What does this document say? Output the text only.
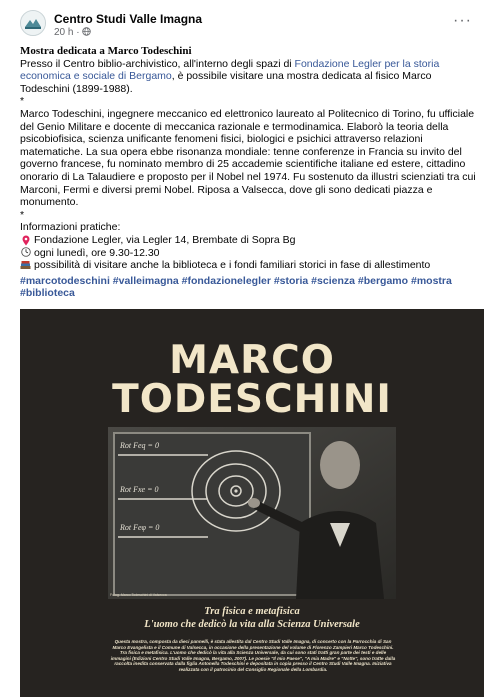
Centro Studi Valle Imagna
20 h ·
···

Mostra dedicata a Marco Todeschini

Presso il Centro biblio-archivistico, all'interno degli spazi di Fondazione Legler per la storia economica e sociale di Bergamo, è possibile visitare una mostra dedicata al fisico Marco Todeschini (1899-1988).

*

Marco Todeschini, ingegnere meccanico ed elettronico laureato al Politecnico di Torino, fu ufficiale del Genio Militare e docente di meccanica razionale e termodinamica. Elaborò la teoria della psicobiofisica, scienza unificante fenomeni fisici, biologici e psichici attraverso relazioni matematiche. La sua opera ebbe risonanza mondiale: tenne conferenze in Francia su invito del governo francese, fu nominato membro di 25 accademie scientifiche italiane ed estere, cittadino onorario di La Talaudiere e proposto per il Nobel nel 1974. Fu sostenuto da illustri scienziati tra cui Marconi, Fermi e diversi premi Nobel. Riposa a Valsecca, dove gli sono dedicati piazza e monumento.

*

Informazioni pratiche:

Fondazione Legler, via Legler 14, Brembate di Sopra Bg
ogni lunedì, ore 9.30-12.30
possibilità di visitare anche la biblioteca e i fondi familiari storici in fase di allestimento

#marcotodeschini #valleimagna #fondazionelegler #storia #scienza #bergamo #mostra #biblioteca

MARCO
TODESCHINI
Rot Feq = 0
Rot Fxe = 0
Rot Feφ = 0
Fotog. Marco Todeschini di Valsecca
Tra fisica e metafisica
L'uomo che dedicò la vita alla Scienza Universale
Questa mostra, composta da dieci pannelli, è stata allestita dal Centro Studi Valle Imagna, di concerto con la Parrocchia di San Marco Evangelista e il Comune di Valsecca, in occasione della presentazione del volume di Florenzo Zampieri Marco Todeschini. Tra fisica e metafisica. L'uomo che dedicò la vita alla Scienza Universale, da cui sono stati tratti gran parte dei testi e delle immagini (Edizioni Centro Studi Valle Imagna, Bergamo, 2007). Le poesie "Il mio Paese", "A mia Madre" e "Notte", sono tratte dalla raccolta inedita conservata dalla figlia Antonella Todeschini e depositata in copia presso il Centro Studi Valle Imagna. Iniziativa realizzata con il patrocinio del Consiglio Regionale della Lombardia.
